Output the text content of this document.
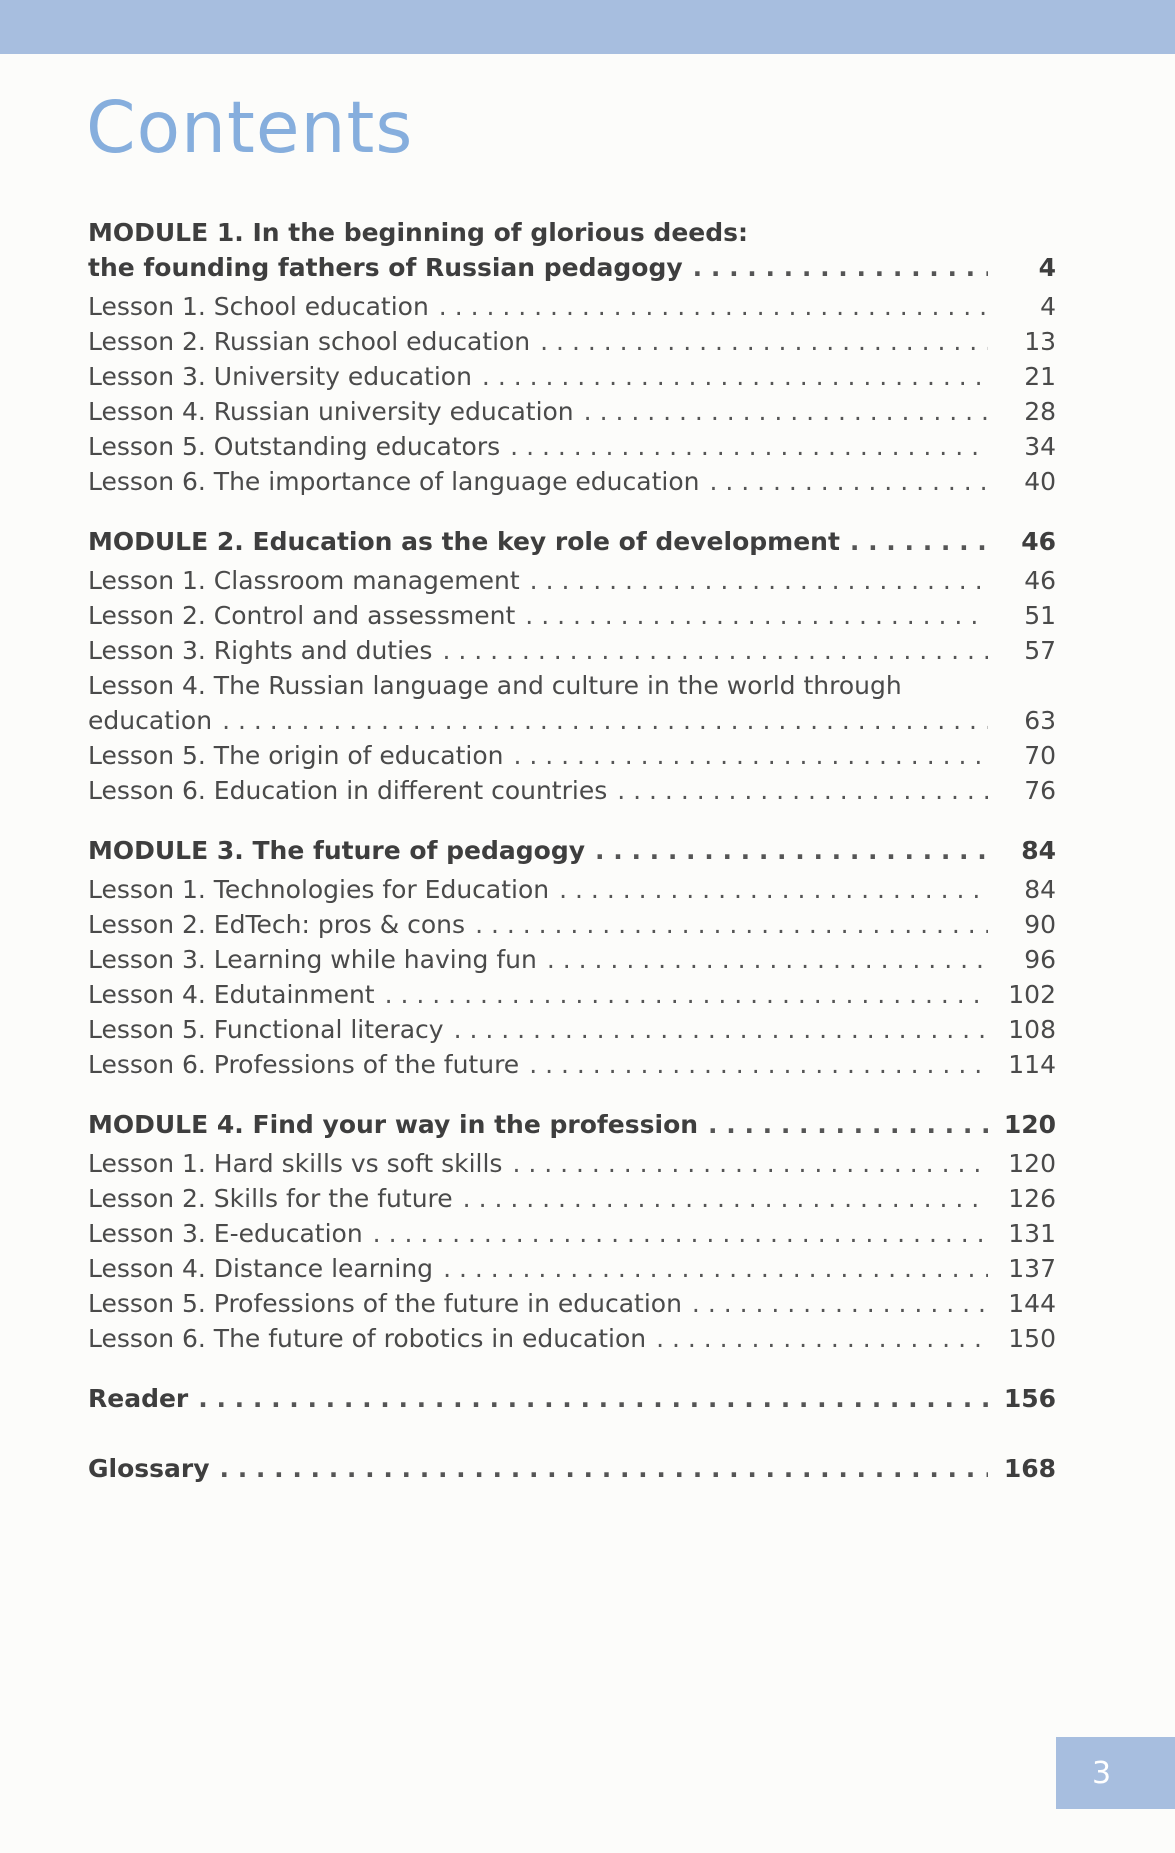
Contents
MODULE 1. In the beginning of glorious deeds:
the founding fathers of Russian pedagogy . . .	4
Lesson 1. School education . . .	4
Lesson 2. Russian school education . . .	13
Lesson 3. University education . . .	21
Lesson 4. Russian university education . . .	28
Lesson 5. Outstanding educators . . .	34
Lesson 6. The importance of language education . . .	40
MODULE 2. Education as the key role of development . . .	46
Lesson 1. Classroom management . . .	46
Lesson 2. Control and assessment . . .	51
Lesson 3. Rights and duties . . .	57
Lesson 4. The Russian language and culture in the world through
education . . .	63
Lesson 5. The origin of education . . .	70
Lesson 6. Education in different countries . . .	76
MODULE 3. The future of pedagogy . . .	84
Lesson 1. Technologies for Education . . .	84
Lesson 2. EdTech: pros & cons . . .	90
Lesson 3. Learning while having fun . . .	96
Lesson 4. Edutainment . . .	102
Lesson 5. Functional literacy . . .	108
Lesson 6. Professions of the future . . .	114
MODULE 4. Find your way in the profession . . .	120
Lesson 1. Hard skills vs soft skills . . .	120
Lesson 2. Skills for the future . . .	126
Lesson 3. E-education . . .	131
Lesson 4. Distance learning . . .	137
Lesson 5. Professions of the future in education . . .	144
Lesson 6. The future of robotics in education . . .	150
Reader . . .	156
Glossary . . .	168
3
